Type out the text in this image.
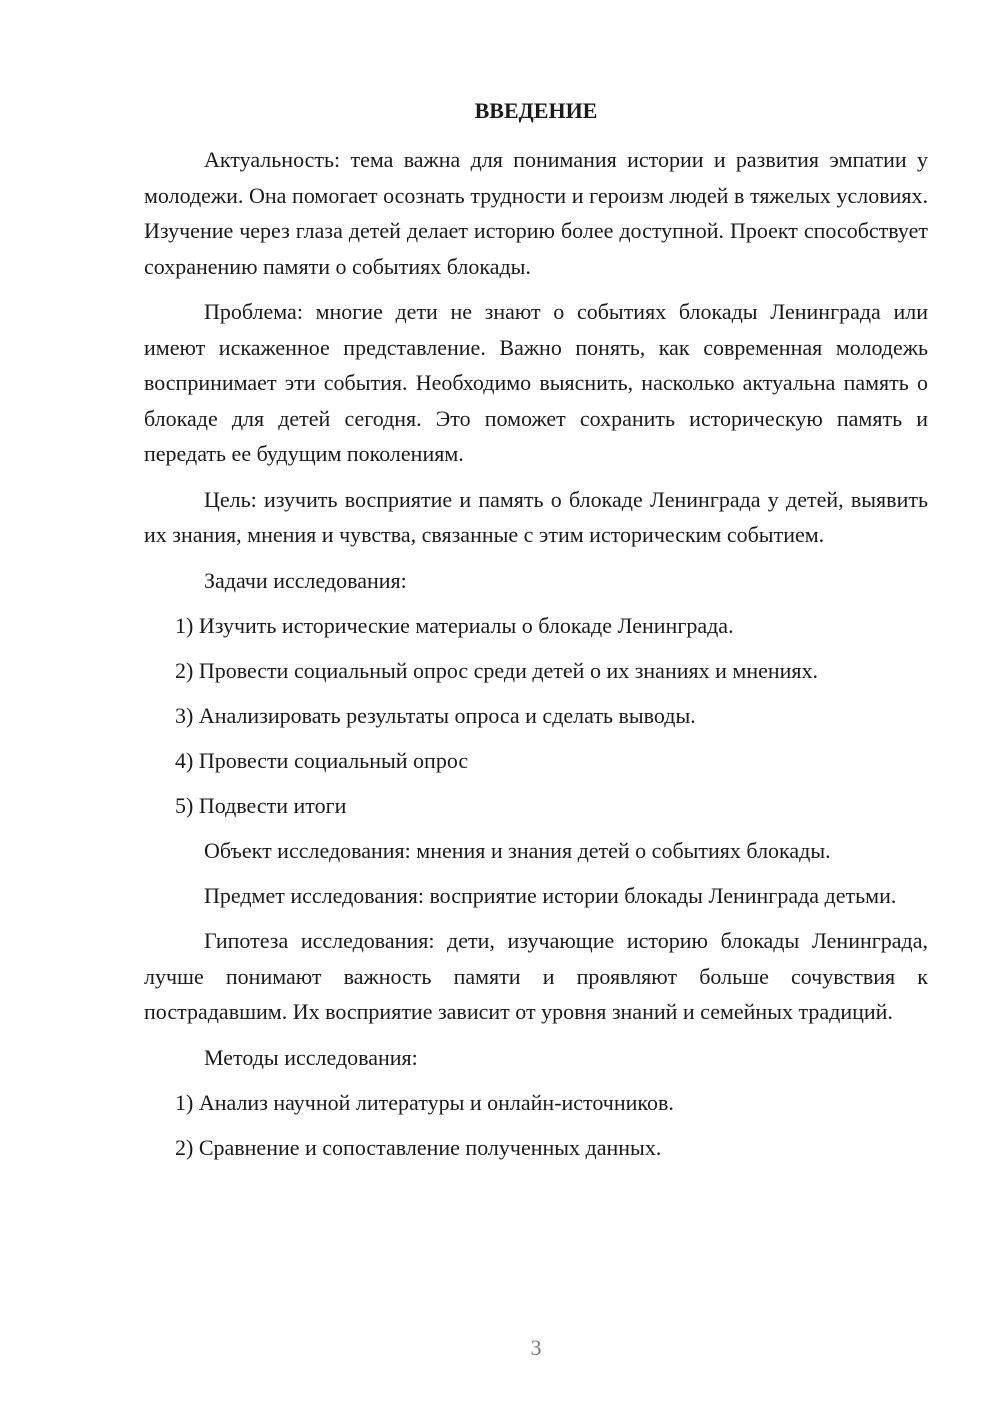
ВВЕДЕНИЕ

Актуальность: тема важна для понимания истории и развития эмпатии у молодежи. Она помогает осознать трудности и героизм людей в тяжелых условиях. Изучение через глаза детей делает историю более доступной. Проект способствует сохранению памяти о событиях блокады.

Проблема: многие дети не знают о событиях блокады Ленинграда или имеют искаженное представление. Важно понять, как современная молодежь воспринимает эти события. Необходимо выяснить, насколько актуальна память о блокаде для детей сегодня. Это поможет сохранить историческую память и передать ее будущим поколениям.

Цель: изучить восприятие и память о блокаде Ленинграда у детей, выявить их знания, мнения и чувства, связанные с этим историческим событием.

Задачи исследования:

1) Изучить исторические материалы о блокаде Ленинграда.

2) Провести социальный опрос среди детей о их знаниях и мнениях.

3) Анализировать результаты опроса и сделать выводы.

4) Провести социальный опрос

5) Подвести итоги

Объект исследования: мнения и знания детей о событиях блокады.

Предмет исследования: восприятие истории блокады Ленинграда детьми.

Гипотеза исследования: дети, изучающие историю блокады Ленинграда, лучше понимают важность памяти и проявляют больше сочувствия к пострадавшим. Их восприятие зависит от уровня знаний и семейных традиций.

Методы исследования:

1) Анализ научной литературы и онлайн-источников.

2) Сравнение и сопоставление полученных данных.

3
